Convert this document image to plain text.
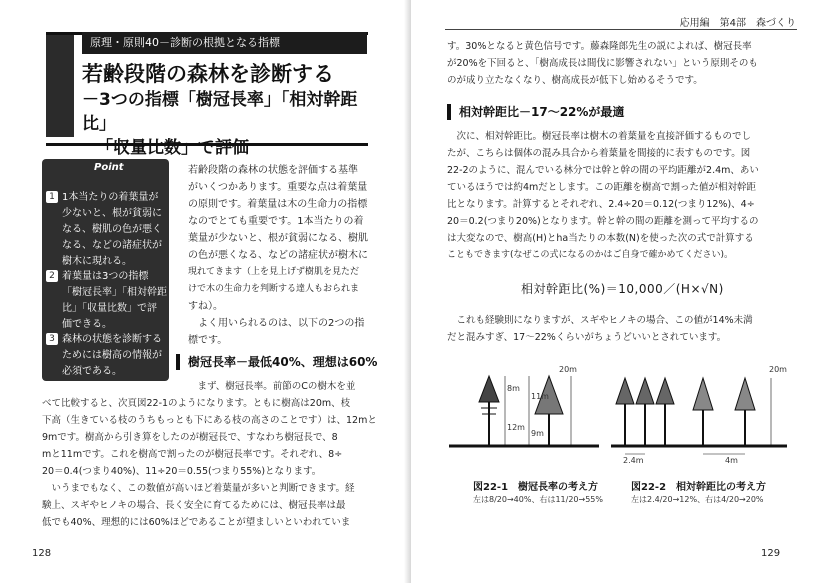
原理・原則40－診断の根拠となる指標
若齢段階の森林を診断する
－3つの指標「樹冠長率」「相対幹距比」
「収量比数」で評価
Point
1 1本当たりの着葉量が
少ないと、根が貧弱に
なる、樹肌の色が悪く
なる、などの諸症状が
樹木に現れる。
2 着葉量は3つの指標
「樹冠長率」「相対幹距
比」「収量比数」で評
価できる。
3 森林の状態を診断する
ためには樹高の情報が
必須である。
若齢段階の森林の状態を評価する基準
がいくつかあります。重要な点は着葉量
の原則です。着葉量は木の生命力の指標
なのでとても重要です。1本当たりの着
葉量が少ないと、根が貧弱になる、樹肌
の色が悪くなる、などの諸症状が樹木に
現れてきます（上を見上げず樹肌を見ただ
けで木の生命力を判断する達人もおられま
すね）。
　よく用いられるのは、以下の2つの指
標です。
樹冠長率－最低40%、理想は60%
　まず、樹冠長率。前節のCの樹木を並
べて比較すると、次頁図22-1のようになります。ともに樹高は20m、枝
下高（生きている枝のうちもっとも下にある枝の高さのことです）は、12mと
9mです。樹高から引き算をしたのが樹冠長で、すなわち樹冠長で、8
mと11mです。これを樹高で割ったのが樹冠長率です。それぞれ、8÷
20＝0.4(つまり40%)、11÷20＝0.55(つまり55%)となります。
　いうまでもなく、この数値が高いほど着葉量が多いと判断できます。経
験上、スギやヒノキの場合、長く安全に育てるためには、樹冠長率は最
低でも40%、理想的には60%ほどであることが望ましいといわれていま
128
応用編　第4部　森づくり
す。30%となると黄色信号です。藤森隆郎先生の説によれば、樹冠長率
が20%を下回ると、「樹高成長は間伐に影響されない」という原則そのも
のが成り立たなくなり、樹高成長が低下し始めるそうです。
相対幹距比－17～22%が最適
　次に、相対幹距比。樹冠長率は樹木の着葉量を直接評価するものでし
たが、こちらは個体の混み具合から着葉量を間接的に表すものです。図
22-2のように、混んでいる林分では幹と幹の間の平均距離が2.4m、あい
ているほうでは約4mだとします。この距離を樹高で割った値が相対幹距
比となります。計算するとそれぞれ、2.4÷20＝0.12(つまり12%)、4÷
20＝0.2(つまり20%)となります。幹と幹の間の距離を測って平均するの
は大変なので、樹高(H)とha当たりの本数(N)を使った次の式で計算する
こともできます(なぜこの式になるのかはご自身で確かめてください)。
相対幹距比(%)＝10,000／(H×√N)
　これも経験則になりますが、スギやヒノキの場合、この値が14%未満
だと混みすぎ、17～22%くらいがちょうどいいとされています。
20m
8m
11m
12m
9m
図22-1　樹冠長率の考え方
左は8/20→40%、右は11/20→55%
20m
2.4m	4m
図22-2　相対幹距比の考え方
左は2.4/20→12%、右は4/20→20%
129
